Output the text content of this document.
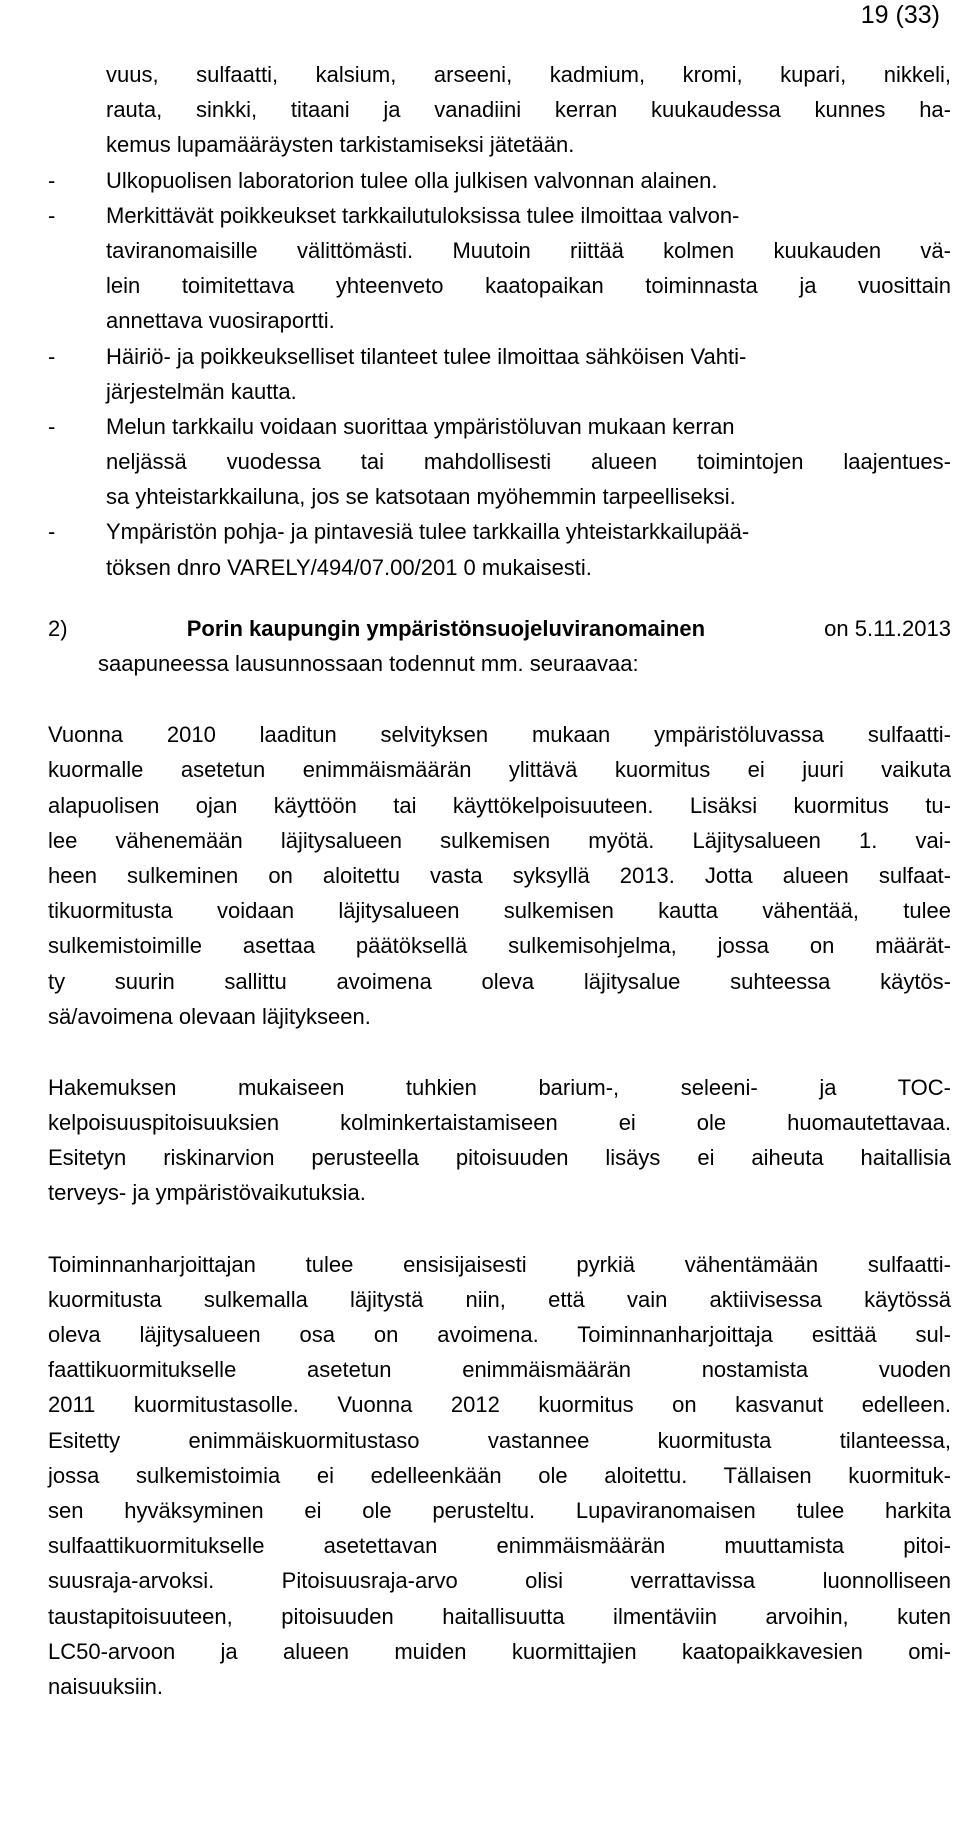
19 (33)
vuus, sulfaatti, kalsium, arseeni, kadmium, kromi, kupari, nikkeli,
rauta, sinkki, titaani ja vanadiini kerran kuukaudessa kunnes ha-
kemus lupamääräysten tarkistamiseksi jätetään.
- Ulkopuolisen laboratorion tulee olla julkisen valvonnan alainen.
- Merkittävät poikkeukset tarkkailutuloksissa tulee ilmoittaa valvon-
taviranomaisille välittömästi. Muutoin riittää kolmen kuukauden vä-
lein toimitettava yhteenveto kaatopaikan toiminnasta ja vuosittain
annettava vuosiraportti.
- Häiriö- ja poikkeukselliset tilanteet tulee ilmoittaa sähköisen Vahti-
järjestelmän kautta.
- Melun tarkkailu voidaan suorittaa ympäristöluvan mukaan kerran
neljässä vuodessa tai mahdollisesti alueen toimintojen laajentues-
sa yhteistarkkailuna, jos se katsotaan myöhemmin tarpeelliseksi.
- Ympäristön pohja- ja pintavesiä tulee tarkkailla yhteistarkkailupää-
töksen dnro VARELY/494/07.00/201 0 mukaisesti.
2)	Porin kaupungin ympäristönsuojeluviranomainen	on 5.11.2013
saapuneessa lausunnossaan todennut mm. seuraavaa:
Vuonna 2010 laaditun selvityksen mukaan ympäristöluvassa sulfaatti-
kuormalle asetetun enimmäismäärän ylittävä kuormitus ei juuri vaikuta
alapuolisen ojan käyttöön tai käyttökelpoisuuteen. Lisäksi kuormitus tu-
lee vähenemään läjitysalueen sulkemisen myötä. Läjitysalueen 1. vai-
heen sulkeminen on aloitettu vasta syksyllä 2013. Jotta alueen sulfaat-
tikuormitusta voidaan läjitysalueen sulkemisen kautta vähentää, tulee
sulkemistoimille asettaa päätöksellä sulkemisohjelma, jossa on määrät-
ty suurin sallittu avoimena oleva läjitysalue suhteessa käytös-
sä/avoimena olevaan läjitykseen.
Hakemuksen mukaiseen tuhkien barium-, seleeni- ja TOC-
kelpoisuuspitoisuuksien kolminkertaistamiseen ei ole huomautettavaa.
Esitetyn riskinarvion perusteella pitoisuuden lisäys ei aiheuta haitallisia
terveys- ja ympäristövaikutuksia.
Toiminnanharjoittajan tulee ensisijaisesti pyrkiä vähentämään sulfaatti-
kuormitusta sulkemalla läjitystä niin, että vain aktiivisessa käytössä
oleva läjitysalueen osa on avoimena. Toiminnanharjoittaja esittää sul-
faattikuormitukselle asetetun enimmäismäärän nostamista vuoden
2011 kuormitustasolle. Vuonna 2012 kuormitus on kasvanut edelleen.
Esitetty enimmäiskuormitustaso vastannee kuormitusta tilanteessa,
jossa sulkemistoimia ei edelleenkään ole aloitettu. Tällaisen kuormituk-
sen hyväksyminen ei ole perusteltu. Lupaviranomaisen tulee harkita
sulfaattikuormitukselle asetettavan enimmäismäärän muuttamista pitoi-
suusraja-arvoksi. Pitoisuusraja-arvo olisi verrattavissa luonnolliseen
taustapitoisuuteen, pitoisuuden haitallisuutta ilmentäviin arvoihin, kuten
LC50-arvoon ja alueen muiden kuormittajien kaatopaikkavesien omi-
naisuuksiin.
